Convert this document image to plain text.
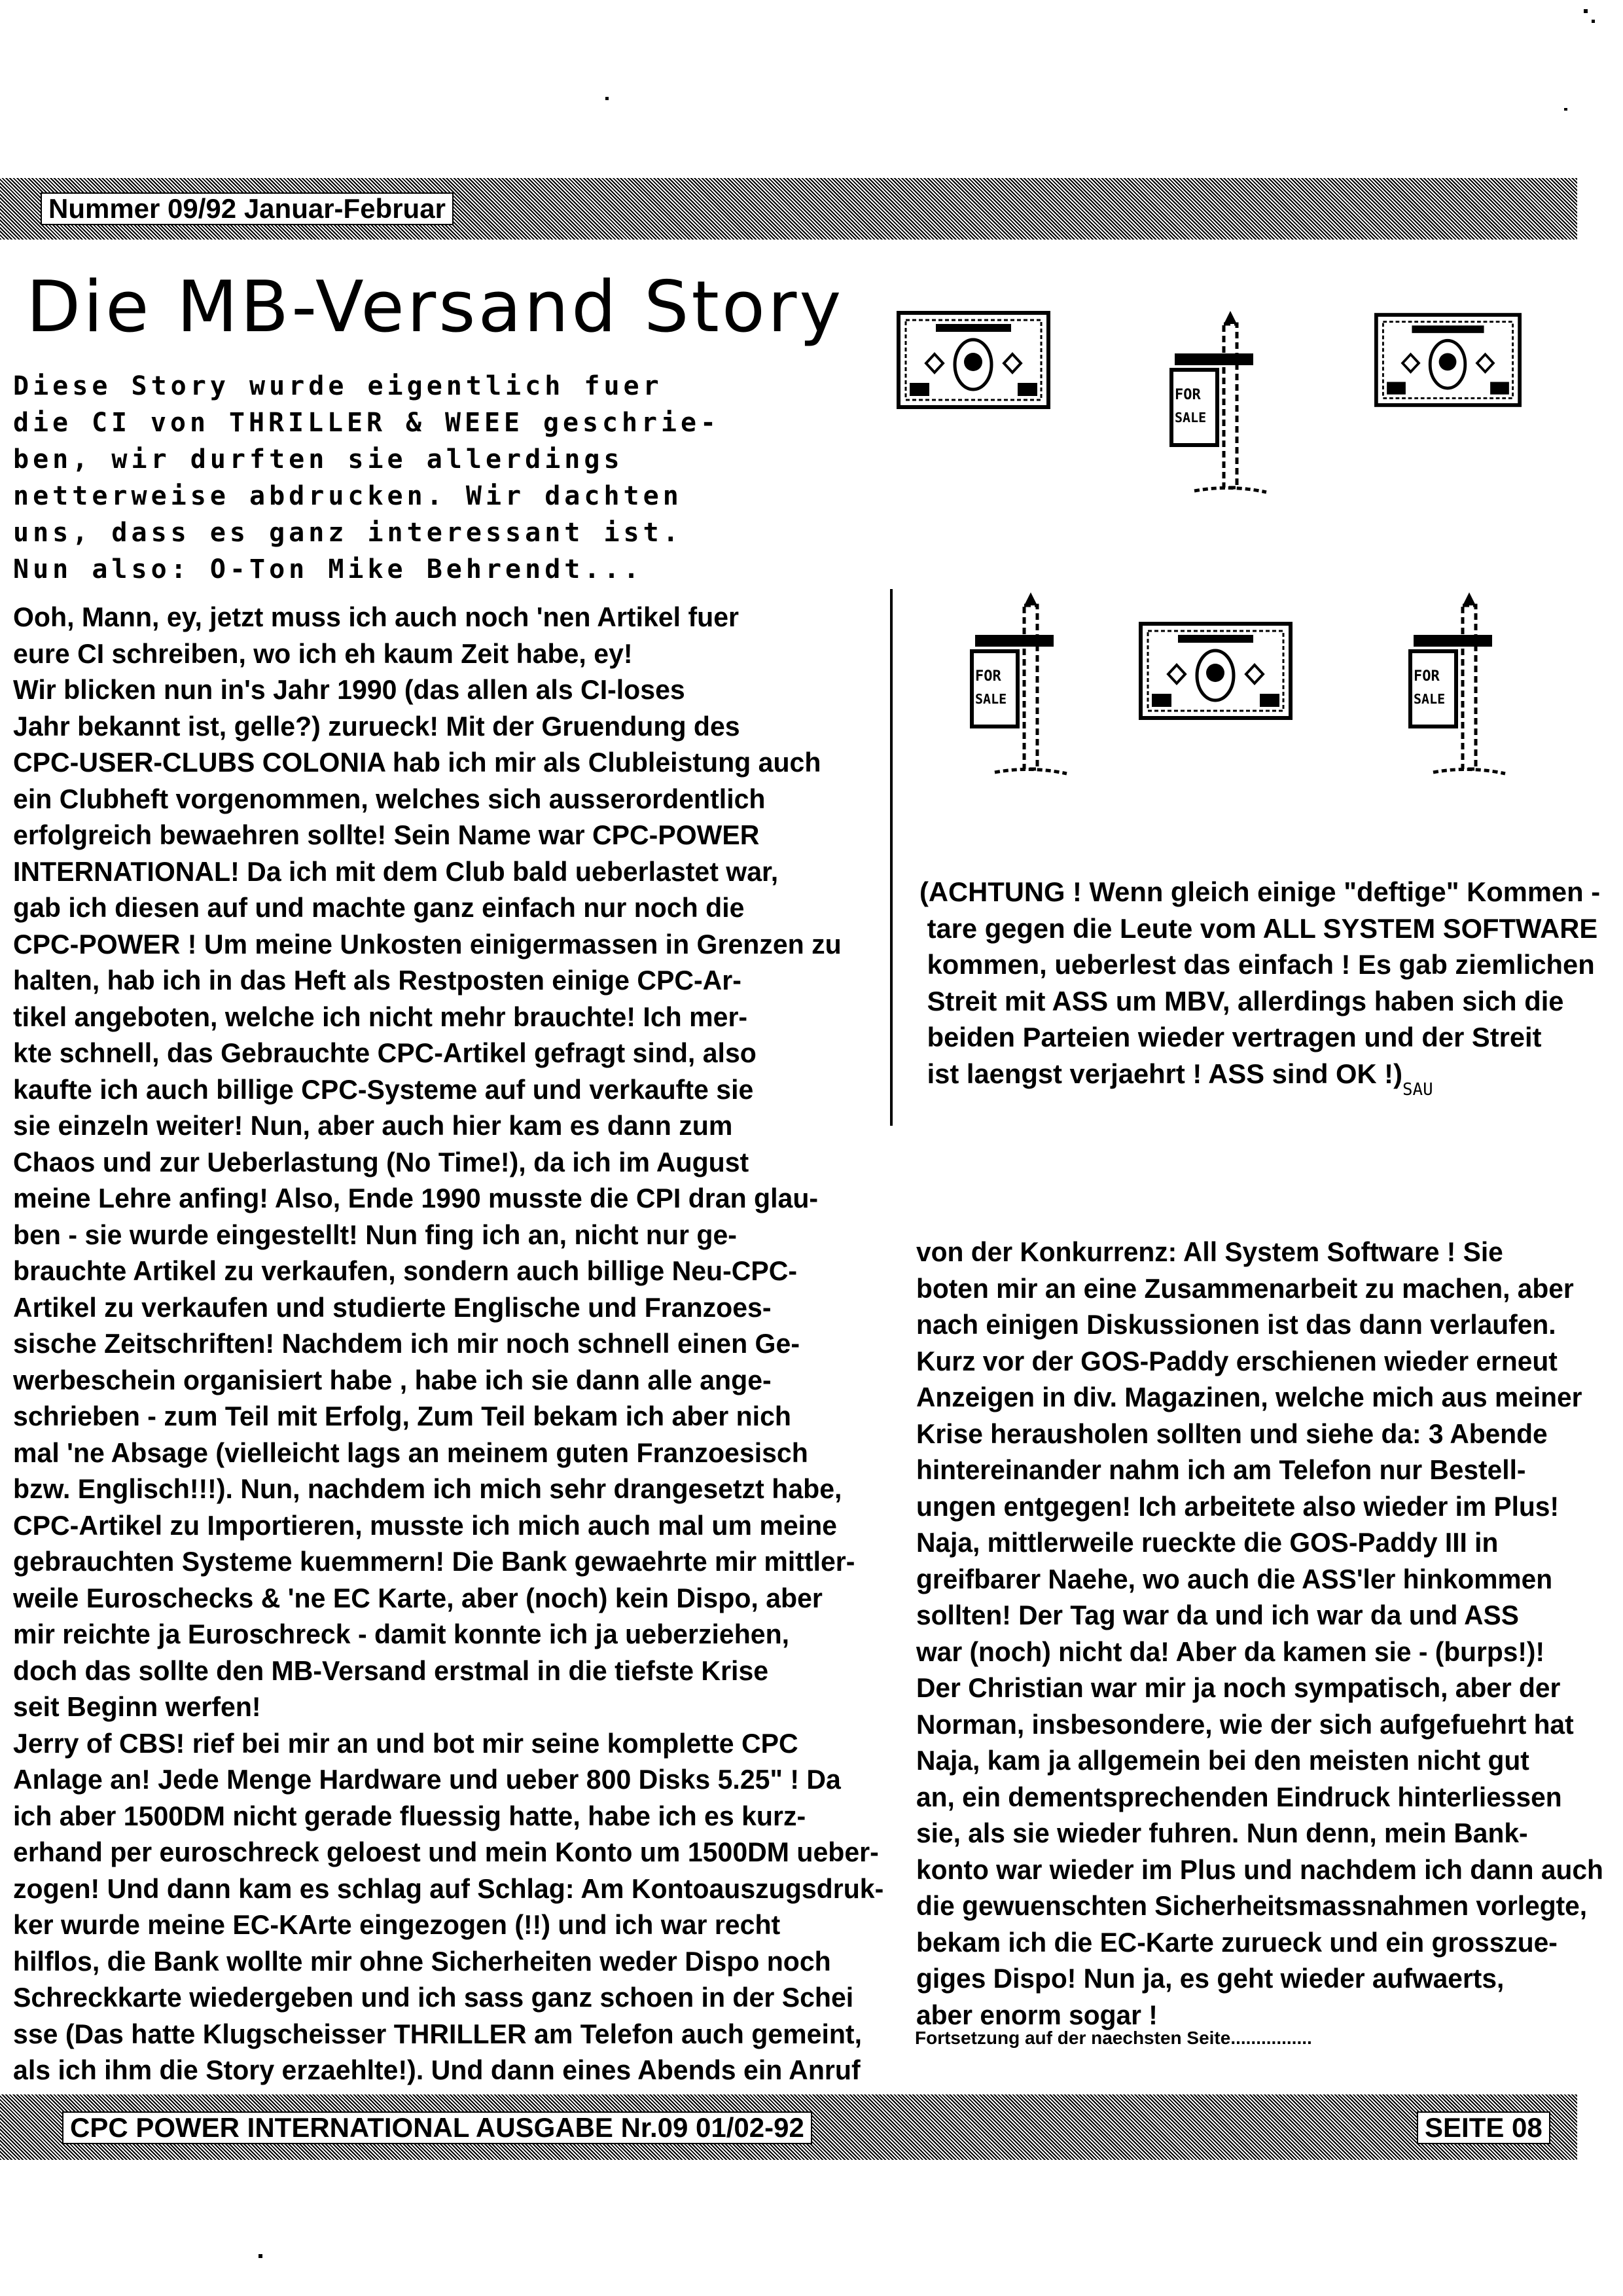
Nummer 09/92 Januar-Februar
Die MB-Versand Story
Diese Story wurde eigentlich fuer
die CI von THRILLER & WEEE geschrie-
ben, wir durften sie allerdings
netterweise abdrucken. Wir dachten
uns, dass es ganz interessant ist.
Nun also: O-Ton Mike Behrendt...
Ooh, Mann, ey, jetzt muss ich auch noch 'nen Artikel fuer
eure CI schreiben, wo ich eh kaum Zeit habe, ey!
Wir blicken nun in's Jahr 1990 (das allen als CI-loses
Jahr bekannt ist, gelle?) zurueck! Mit der Gruendung des
CPC-USER-CLUBS COLONIA hab ich mir als Clubleistung auch
ein Clubheft vorgenommen, welches sich ausserordentlich
erfolgreich bewaehren sollte! Sein Name war CPC-POWER
INTERNATIONAL! Da ich mit dem Club bald ueberlastet war,
gab ich diesen auf und machte ganz einfach nur noch die
CPC-POWER ! Um meine Unkosten einigermassen in Grenzen zu
halten, hab ich in das Heft als Restposten einige CPC-Ar-
tikel angeboten, welche ich nicht mehr brauchte! Ich mer-
kte schnell, das Gebrauchte CPC-Artikel gefragt sind, also
kaufte ich auch billige CPC-Systeme auf und verkaufte sie
sie einzeln weiter! Nun, aber auch hier kam es dann zum
Chaos und zur Ueberlastung (No Time!), da ich im August
meine Lehre anfing! Also, Ende 1990 musste die CPI dran glau-
ben - sie wurde eingestellt! Nun fing ich an, nicht nur ge-
brauchte Artikel zu verkaufen, sondern auch billige Neu-CPC-
Artikel zu verkaufen und studierte Englische und Franzoes-
sische Zeitschriften! Nachdem ich mir noch schnell einen Ge-
werbeschein organisiert habe , habe ich sie dann alle ange-
schrieben - zum Teil mit Erfolg, Zum Teil bekam ich aber nich
mal 'ne Absage (vielleicht lags an meinem guten Franzoesisch
bzw. Englisch!!!). Nun, nachdem ich mich sehr drangesetzt habe,
CPC-Artikel zu Importieren, musste ich mich auch mal um meine
gebrauchten Systeme kuemmern! Die Bank gewaehrte mir mittler-
weile Euroschecks & 'ne EC Karte, aber (noch) kein Dispo, aber
mir reichte ja Euroschreck - damit konnte ich ja ueberziehen,
doch das sollte den MB-Versand erstmal in die tiefste Krise
seit Beginn werfen!
Jerry of CBS! rief bei mir an und bot mir seine komplette CPC
Anlage an! Jede Menge Hardware und ueber 800 Disks 5.25" ! Da
ich aber 1500DM nicht gerade fluessig hatte, habe ich es kurz-
erhand per euroschreck geloest und mein Konto um 1500DM ueber-
zogen! Und dann kam es schlag auf Schlag: Am Kontoauszugsdruk-
ker wurde meine EC-KArte eingezogen (!!) und ich war recht
hilflos, die Bank wollte mir ohne Sicherheiten weder Dispo noch
Schreckkarte wiedergeben und ich sass ganz schoen in der Schei
sse (Das hatte Klugscheisser THRILLER am Telefon auch gemeint,
als ich ihm die Story erzaehlte!). Und dann eines Abends ein Anruf
FOR
SALE
FOR
SALE
FOR
SALE
(ACHTUNG ! Wenn gleich einige "deftige" Kommen -
tare gegen die Leute vom ALL SYSTEM SOFTWARE
kommen, ueberlest das einfach ! Es gab ziemlichen
Streit mit ASS um MBV, allerdings haben sich die
beiden Parteien wieder vertragen und der Streit
ist laengst verjaehrt ! ASS sind OK !)SAU
von der Konkurrenz: All System Software ! Sie
boten mir an eine Zusammenarbeit zu machen, aber
nach einigen Diskussionen ist das dann verlaufen.
Kurz vor der GOS-Paddy erschienen wieder erneut
Anzeigen in div. Magazinen, welche mich aus meiner
Krise herausholen sollten und siehe da: 3 Abende
hintereinander nahm ich am Telefon nur Bestell-
ungen entgegen! Ich arbeitete also wieder im Plus!
Naja, mittlerweile rueckte die GOS-Paddy III in
greifbarer Naehe, wo auch die ASS'ler hinkommen
sollten! Der Tag war da und ich war da und ASS
war (noch) nicht da! Aber da kamen sie - (burps!)!
Der Christian war mir ja noch sympatisch, aber der
Norman, insbesondere, wie der sich aufgefuehrt hat
Naja, kam ja allgemein bei den meisten nicht gut
an, ein dementsprechenden Eindruck hinterliessen
sie, als sie wieder fuhren. Nun denn, mein Bank-
konto war wieder im Plus und nachdem ich dann auch
die gewuenschten Sicherheitsmassnahmen vorlegte,
bekam ich die EC-Karte zurueck und ein grosszue-
giges Dispo! Nun ja, es geht wieder aufwaerts,
aber enorm sogar !
Fortsetzung auf der naechsten Seite................
CPC POWER INTERNATIONAL AUSGABE Nr.09 01/02-92	SEITE 08
